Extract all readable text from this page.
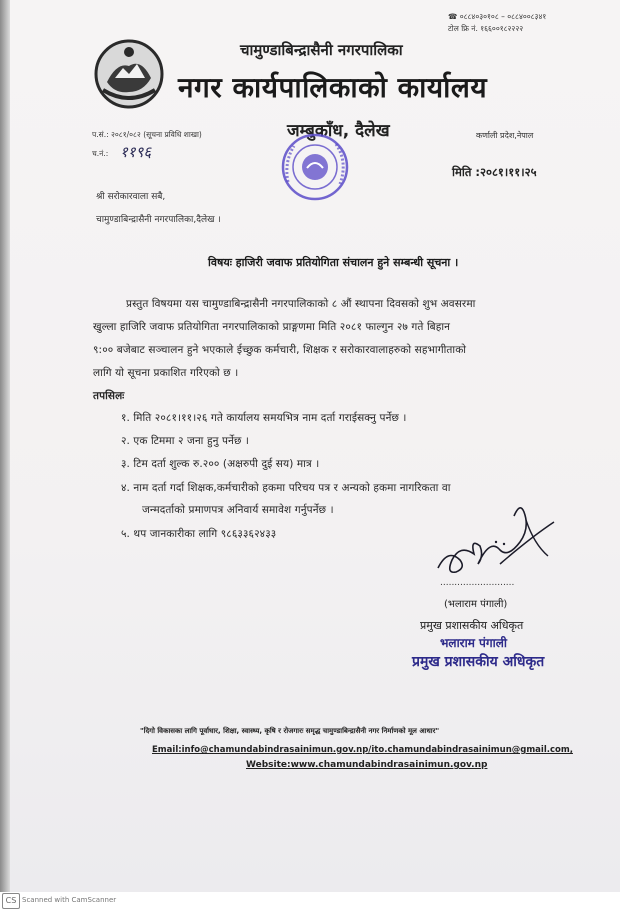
☎ ०८८४०३०१०८ – ०८८४००८३४१
टोल फ्रि नं. १६६००१८२२२२
चामुण्डाबिन्द्रासैनी नगरपालिका
नगर कार्यपालिकाको कार्यालय
जम्बुकाँध, दैलेख
प.सं.: २०८१/०८२ (सूचना प्रविधि शाखा)
च.नं.: ११९६
कर्णाली प्रदेश,नेपाल
मिति :२०८१।११।२५
श्री सरोकारवाला सबै,
चामुण्डाबिन्द्रासैनी नगरपालिका,दैलेख ।
विषयः हाजिरी जवाफ प्रतियोगिता संचालन हुने सम्बन्धी सूचना ।
प्रस्तुत विषयमा यस चामुण्डाबिन्द्रासैनी नगरपालिकाको ८ औं स्थापना दिवसको शुभ अवसरमा
खुल्ला हाजिरि जवाफ प्रतियोगिता नगरपालिकाको प्राङ्गणमा मिति २०८१ फाल्गुन २७ गते बिहान
९:०० बजेबाट सञ्चालन हुने भएकाले ईच्छुक कर्मचारी, शिक्षक र सरोकारवालाहरुको सहभागीताको
लागि यो सूचना प्रकाशित गरिएको छ ।
तपसिलः
१. मिति २०८१।११।२६ गते कार्यालय समयभित्र नाम दर्ता गराईसक्नु पर्नेछ ।
२. एक टिममा २ जना हुनु पर्नेछ ।
३. टिम दर्ता शुल्क रु.२०० (अक्षरुपी दुई सय) मात्र ।
४. नाम दर्ता गर्दा शिक्षक,कर्मचारीको हकमा परिचय पत्र र अन्यको हकमा नागरिकता वा
जन्मदर्ताको प्रमाणपत्र अनिवार्य समावेश गर्नुपर्नेछ ।
५. थप जानकारीका लागि ९८६३३६२४३३
..........................
(भलाराम पंगाली)
प्रमुख प्रशासकीय अधिकृत
भलाराम पंगाली
प्रमुख प्रशासकीय अधिकृत
"दिगो विकासका लागि पूर्वाधार, शिक्षा, स्वास्थ्य, कृषि र रोजगारः समृद्ध चामुण्डाबिन्द्रासैनी नगर निर्माणको मूल आधार"
Email:info@chamundabindrasainimun.gov.np/ito.chamundabindrasainimun@gmail.com,
Website:www.chamundabindrasainimun.gov.np
CS Scanned with CamScanner
